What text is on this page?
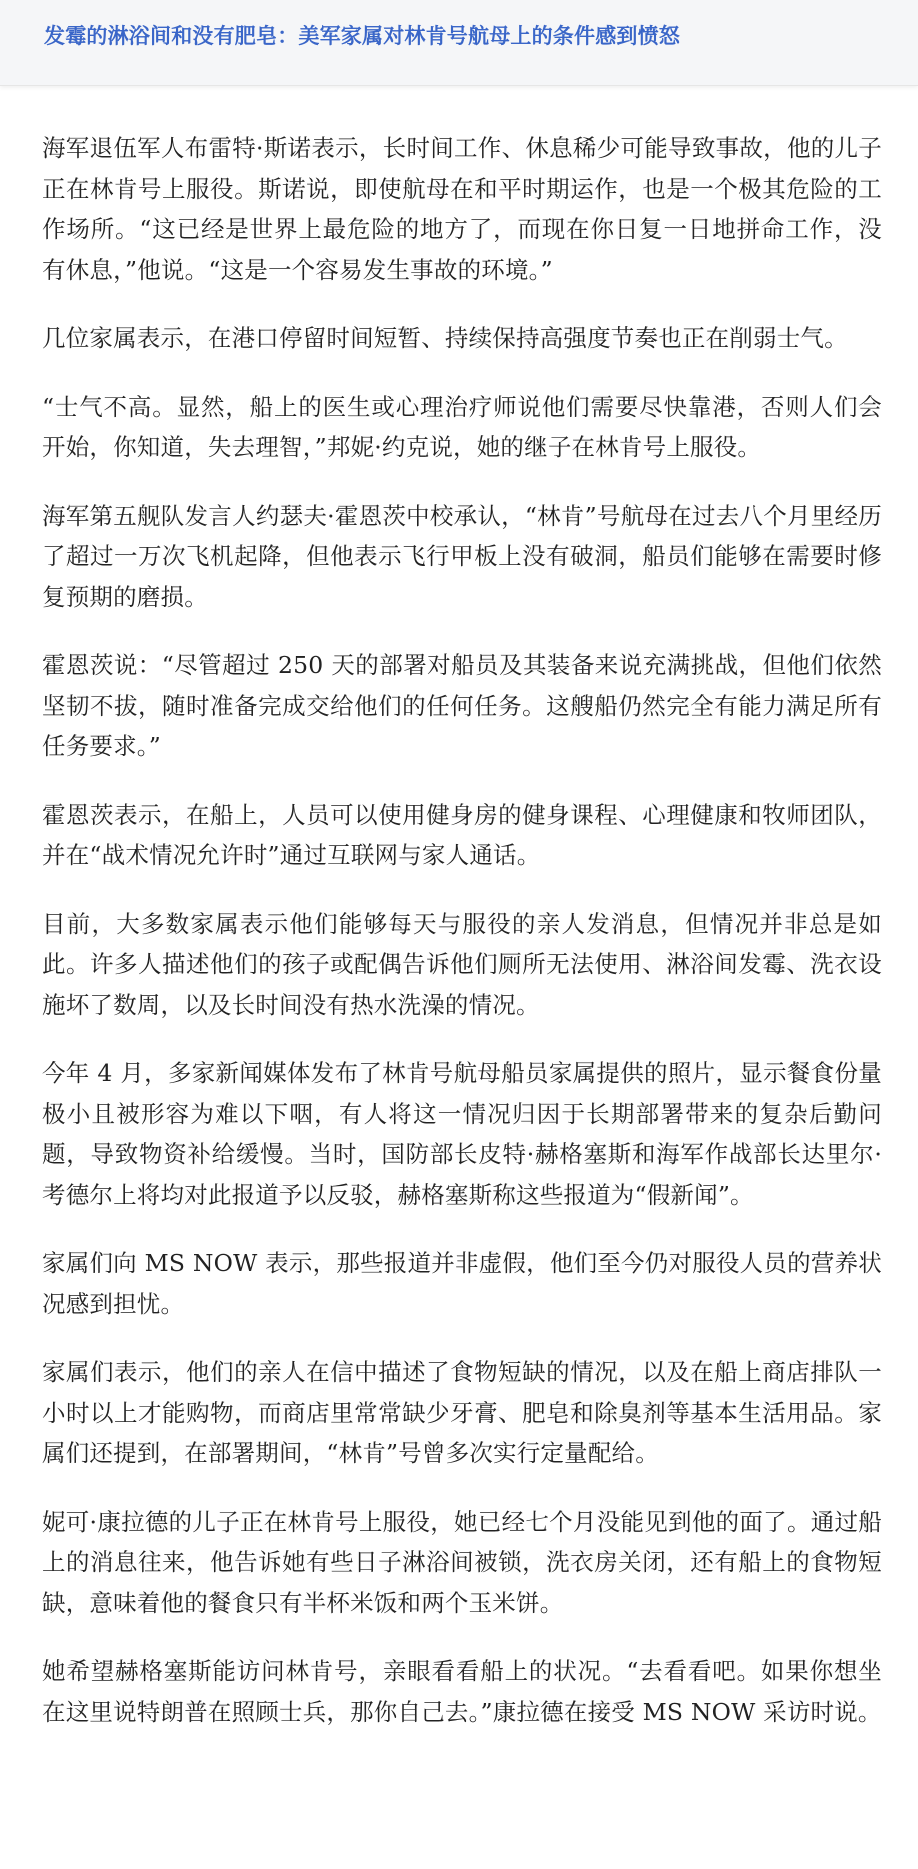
发霉的淋浴间和没有肥皂：美军家属对林肯号航母上的条件感到愤怒

海军退伍军人布雷特·斯诺表示，长时间工作、休息稀少可能导致事故，他的儿子正在林肯号上服役。斯诺说，即使航母在和平时期运作，也是一个极其危险的工作场所。“这已经是世界上最危险的地方了，而现在你日复一日地拼命工作，没有休息，”他说。“这是一个容易发生事故的环境。”

几位家属表示，在港口停留时间短暂、持续保持高强度节奏也正在削弱士气。

“士气不高。显然，船上的医生或心理治疗师说他们需要尽快靠港，否则人们会开始，你知道，失去理智，”邦妮·约克说，她的继子在林肯号上服役。

海军第五舰队发言人约瑟夫·霍恩茨中校承认，“林肯”号航母在过去八个月里经历了超过一万次飞机起降，但他表示飞行甲板上没有破洞，船员们能够在需要时修复预期的磨损。

霍恩茨说：“尽管超过 250 天的部署对船员及其装备来说充满挑战，但他们依然坚韧不拔，随时准备完成交给他们的任何任务。这艘船仍然完全有能力满足所有任务要求。”

霍恩茨表示，在船上，人员可以使用健身房的健身课程、心理健康和牧师团队，并在“战术情况允许时”通过互联网与家人通话。

目前，大多数家属表示他们能够每天与服役的亲人发消息，但情况并非总是如此。许多人描述他们的孩子或配偶告诉他们厕所无法使用、淋浴间发霉、洗衣设施坏了数周，以及长时间没有热水洗澡的情况。

今年 4 月，多家新闻媒体发布了林肯号航母船员家属提供的照片，显示餐食份量极小且被形容为难以下咽，有人将这一情况归因于长期部署带来的复杂后勤问题，导致物资补给缓慢。当时，国防部长皮特·赫格塞斯和海军作战部长达里尔·考德尔上将均对此报道予以反驳，赫格塞斯称这些报道为“假新闻”。

家属们向 MS NOW 表示，那些报道并非虚假，他们至今仍对服役人员的营养状况感到担忧。

家属们表示，他们的亲人在信中描述了食物短缺的情况，以及在船上商店排队一小时以上才能购物，而商店里常常缺少牙膏、肥皂和除臭剂等基本生活用品。家属们还提到，在部署期间，“林肯”号曾多次实行定量配给。

妮可·康拉德的儿子正在林肯号上服役，她已经七个月没能见到他的面了。通过船上的消息往来，他告诉她有些日子淋浴间被锁，洗衣房关闭，还有船上的食物短缺，意味着他的餐食只有半杯米饭和两个玉米饼。

她希望赫格塞斯能访问林肯号，亲眼看看船上的状况。“去看看吧。如果你想坐在这里说特朗普在照顾士兵，那你自己去。”康拉德在接受 MS NOW 采访时说。
